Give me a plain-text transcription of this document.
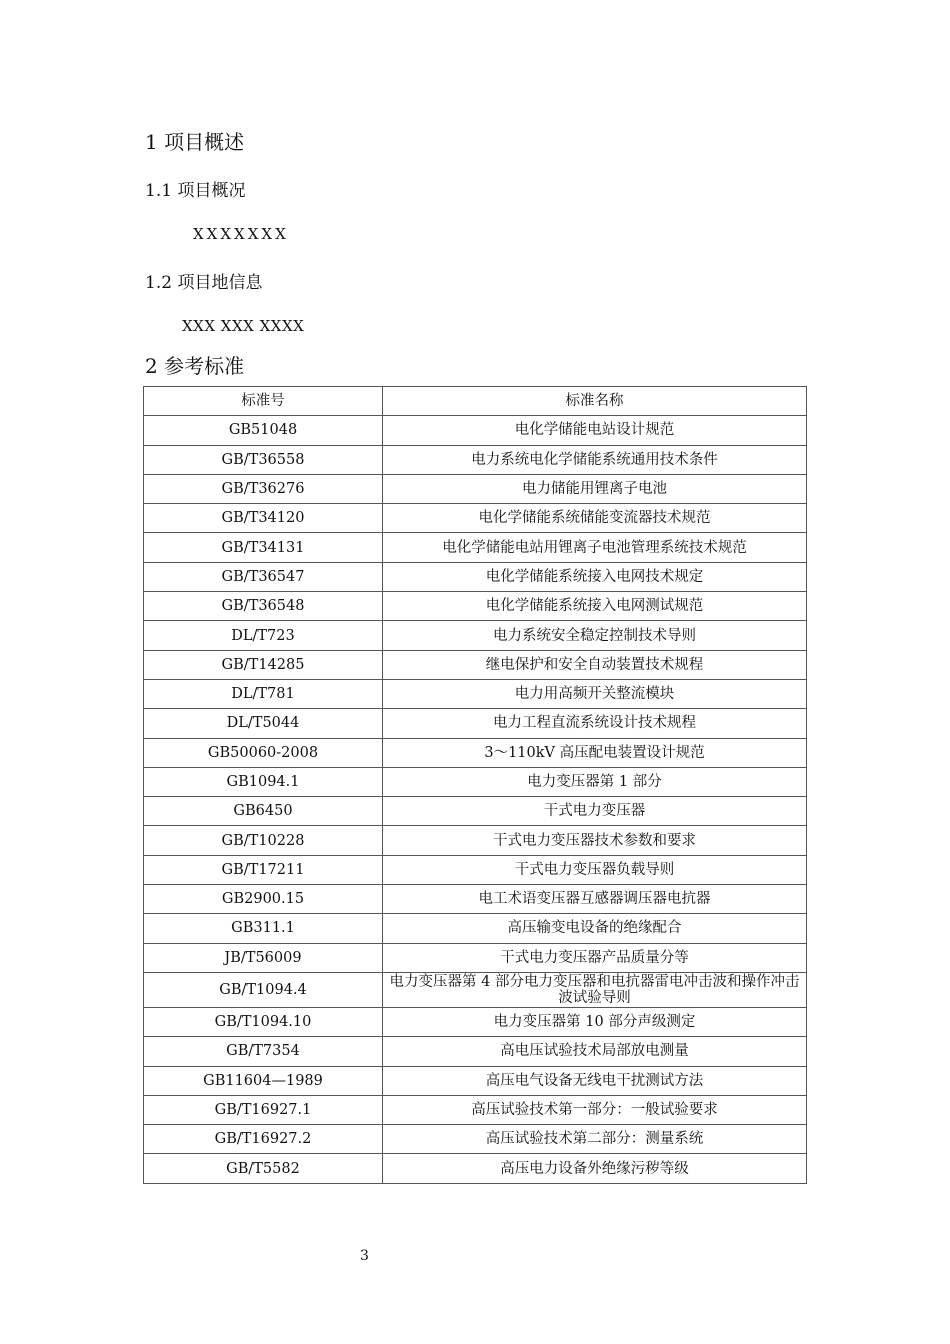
1 项目概述
1.1 项目概况
XXXXXXX
1.2 项目地信息
XXX XXX XXXX
2 参考标准
标准号	标准名称
GB51048	电化学储能电站设计规范
GB/T36558	电力系统电化学储能系统通用技术条件
GB/T36276	电力储能用锂离子电池
GB/T34120	电化学储能系统储能变流器技术规范
GB/T34131	电化学储能电站用锂离子电池管理系统技术规范
GB/T36547	电化学储能系统接入电网技术规定
GB/T36548	电化学储能系统接入电网测试规范
DL/T723	电力系统安全稳定控制技术导则
GB/T14285	继电保护和安全自动装置技术规程
DL/T781	电力用高频开关整流模块
DL/T5044	电力工程直流系统设计技术规程
GB50060-2008	3～110kV 高压配电装置设计规范
GB1094.1	电力变压器第 1 部分
GB6450	干式电力变压器
GB/T10228	干式电力变压器技术参数和要求
GB/T17211	干式电力变压器负载导则
GB2900.15	电工术语变压器互感器调压器电抗器
GB311.1	高压输变电设备的绝缘配合
JB/T56009	干式电力变压器产品质量分等
GB/T1094.4	电力变压器第 4 部分电力变压器和电抗器雷电冲击波和操作冲击波试验导则
GB/T1094.10	电力变压器第 10 部分声级测定
GB/T7354	高电压试验技术局部放电测量
GB11604—1989	高压电气设备无线电干扰测试方法
GB/T16927.1	高压试验技术第一部分：一般试验要求
GB/T16927.2	高压试验技术第二部分：测量系统
GB/T5582	高压电力设备外绝缘污秽等级
3
